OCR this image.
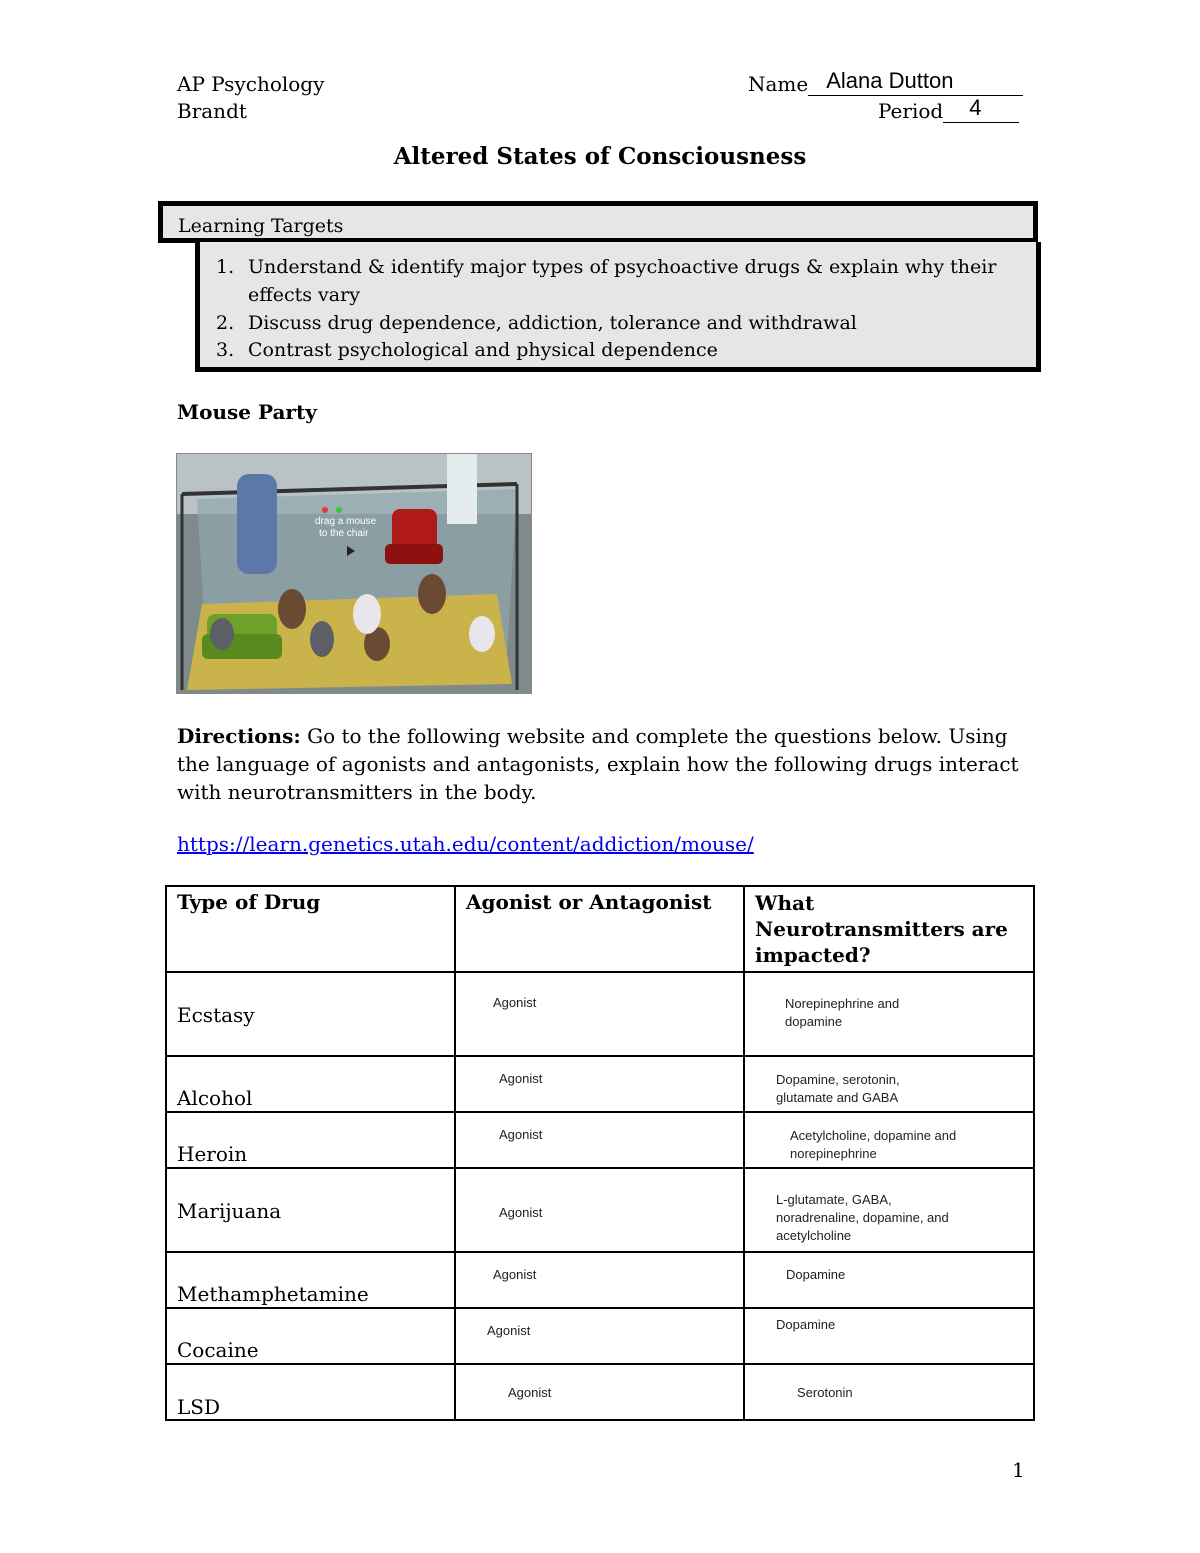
AP Psychology
Brandt
Name Alana Dutton
Period 4
Altered States of Consciousness
Learning Targets
1. Understand & identify major types of psychoactive drugs & explain why their effects vary
2. Discuss drug dependence, addiction, tolerance and withdrawal
3. Contrast psychological and physical dependence
Mouse Party
drag a mouse
to the chair
Directions: Go to the following website and complete the questions below. Using the language of agonists and antagonists, explain how the following drugs interact with neurotransmitters in the body.
https://learn.genetics.utah.edu/content/addiction/mouse/
Type of Drug	Agonist or Antagonist	What Neurotransmitters are impacted?

Ecstasy	Agonist	Norepinephrine and dopamine

Alcohol	Agonist	Dopamine, serotonin, glutamate and GABA

Heroin	Agonist	Acetylcholine, dopamine and norepinephrine

Marijuana	Agonist	L-glutamate, GABA, noradrenaline, dopamine, and acetylcholine

Methamphetamine	Agonist	Dopamine

Cocaine	Agonist	Dopamine

LSD	Agonist	Serotonin
1
